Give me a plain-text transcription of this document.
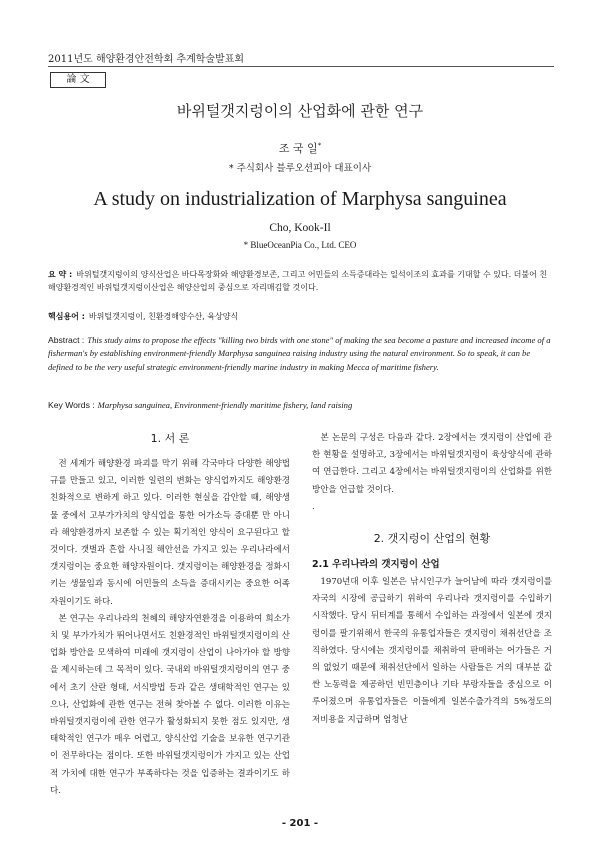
2011년도 해양환경안전학회 추계학술발표회
論 文
바위털갯지렁이의 산업화에 관한 연구
조 국 일*
* 주식회사 블루오션피아 대표이사
A study on industrialization of Marphysa sanguinea
Cho, Kook-Il
* BlueOceanPia Co., Ltd. CEO
요 약 : 바위털갯지렁이의 양식산업은 바다목장화와 해양환경보존, 그리고 어민들의 소득증대라는 일석이조의 효과를 기대할 수 있다. 더불어 친해양환경적인 바위털갯지렁이산업은 해양산업의 중심으로 자리매김할 것이다.
핵심용어 : 바위털갯지렁이, 친환경해양수산, 육상양식
Abstract : This study aims to propose the effects "killing two birds with one stone" of making the sea become a pasture and increased income of a fisherman's by establishing environment-friendly Marphysa sanguinea raising industry using the natural environment. So to speak, it can be defined to be the very useful strategic environment-friendly marine industry in making Mecca of maritime fishery.
Key Words : Marphysa sanguinea, Environment-friendly maritime fishery, land raising
1. 서 론

전 세계가 해양환경 파괴를 막기 위해 각국마다 다양한 해양법규를 만들고 있고, 이러한 일련의 변화는 양식업까지도 해양환경 친화적으로 변하게 하고 있다. 이러한 현실을 감안할 때, 해양생물 중에서 고부가가치의 양식업을 통한 어가소득 증대뿐 만 아니라 해양환경까지 보존할 수 있는 획기적인 양식이 요구된다고 할 것이다. 갯벌과 흔합 사니질 해안선을 가지고 있는 우리나라에서 갯지렁이는 중요한 해양자원이다. 갯지렁이는 해양환경을 정화시키는 생물임과 동시에 어민들의 소득을 증대시키는 중요한 어족자원이기도 하다.

본 연구는 우리나라의 천혜의 해양자연환경을 이용하여 희소가치 및 부가가치가 뛰어나면서도 친환경적인 바위털갯지렁이의 산업화 방안을 모색하여 미래에 갯지렁이 산업이 나아가야 할 방향을 제시하는데 그 목적이 있다. 국내외 바위털갯지렁이의 연구 중에서 초기 산란 형태, 서식방법 등과 같은 생태학적인 연구는 있으나, 산업화에 관한 연구는 전혀 찾아볼 수 없다. 이러한 이유는 바위털갯지렁이에 관한 연구가 활성화되지 못한 점도 있지만, 생태학적인 연구가 매우 어렵고, 양식산업 기술을 보유한 연구기관이 전무하다는 점이다. 또한 바위털갯지렁이가 가지고 있는 산업적 가치에 대한 연구가 부족하다는 것을 입증하는 결과이기도 하다.

본 논문의 구성은 다음과 같다. 2장에서는 갯지렁이 산업에 관한 현황을 설명하고, 3장에서는 바위털갯지렁이 육상양식에 관하여 연급한다. 그리고 4장에서는 바위털갯지렁이의 산업화를 위한 방안을 언급할 것이다.

.

2. 갯지렁이 산업의 현황
2.1 우리나라의 갯지렁이 산업

1970년대 이후 일본은 낚시인구가 늘어남에 따라 갯지렁이를 자국의 시장에 공급하기 위하여 우리나라 갯지렁이를 수입하기 시작했다. 당시 뒤터계를 통해서 수입하는 과정에서 일본에 갯지렁이를 팔기위해서 한국의 유통업자들은 갯지렁이 채취선단을 조직하였다. 당시에는 갯지렁이를 채취하여 판매하는 어가들은 거의 없었기 때문에 채취선단에서 일하는 사람들은 거의 대부분 값싼 노동력을 제공하던 빈민층이나 기타 부랑자들을 중심으로 이루어졌으며 유통업자들은 이들에게 일본수출가격의 5%정도의 저비용을 지급하며 엄청난

- 201 -
